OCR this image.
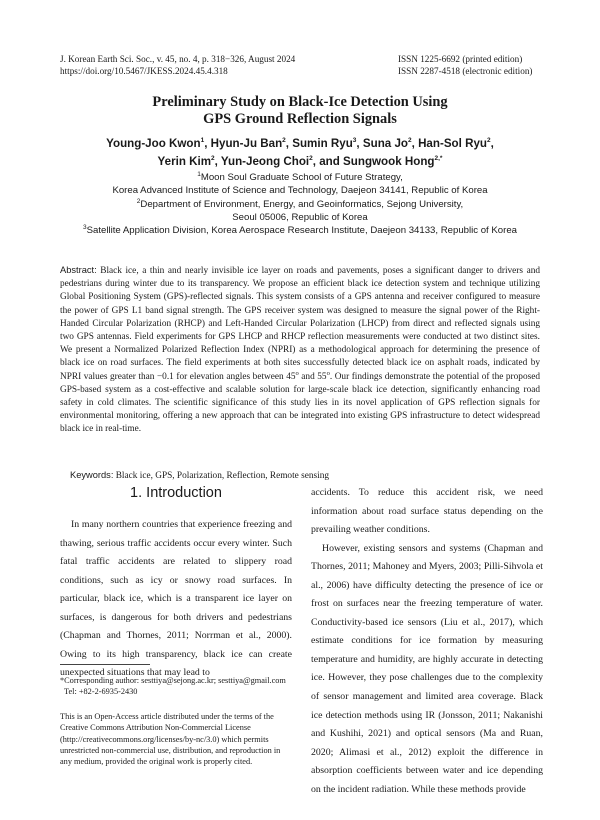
J. Korean Earth Sci. Soc., v. 45, no. 4, p. 318−326, August 2024
https://doi.org/10.5467/JKESS.2024.45.4.318
ISSN 1225-6692 (printed edition)
ISSN 2287-4518 (electronic edition)
Preliminary Study on Black-Ice Detection Using
GPS Ground Reflection Signals
Young-Joo Kwon$^1$, Hyun-Ju Ban$^2$, Sumin Ryu$^3$, Suna Jo$^2$, Han-Sol Ryu$^2$,
Yerin Kim$^2$, Yun-Jeong Choi$^2$, and Sungwook Hong$^{2,*}$
$^1$Moon Soul Graduate School of Future Strategy,
Korea Advanced Institute of Science and Technology, Daejeon 34141, Republic of Korea
$^2$Department of Environment, Energy, and Geoinformatics, Sejong University,
Seoul 05006, Republic of Korea
$^3$Satellite Application Division, Korea Aerospace Research Institute, Daejeon 34133, Republic of Korea
Abstract: Black ice, a thin and nearly invisible ice layer on roads and pavements, poses a significant danger to drivers and pedestrians during winter due to its transparency. We propose an efficient black ice detection system and technique utilizing Global Positioning System (GPS)-reflected signals. This system consists of a GPS antenna and receiver configured to measure the power of GPS L1 band signal strength. The GPS receiver system was designed to measure the signal power of the Right-Handed Circular Polarization (RHCP) and Left-Handed Circular Polarization (LHCP) from direct and reflected signals using two GPS antennas. Field experiments for GPS LHCP and RHCP reflection measurements were conducted at two distinct sites. We present a Normalized Polarized Reflection Index (NPRI) as a methodological approach for determining the presence of black ice on road surfaces. The field experiments at both sites successfully detected black ice on asphalt roads, indicated by NPRI values greater than −0.1 for elevation angles between 45$^o$ and 55$^o$. Our findings demonstrate the potential of the proposed GPS-based system as a cost-effective and scalable solution for large-scale black ice detection, significantly enhancing road safety in cold climates. The scientific significance of this study lies in its novel application of GPS reflection signals for environmental monitoring, offering a new approach that can be integrated into existing GPS infrastructure to detect widespread black ice in real-time.
Keywords: Black ice, GPS, Polarization, Reflection, Remote sensing
1. Introduction

In many northern countries that experience freezing and thawing, serious traffic accidents occur every winter. Such fatal traffic accidents are related to slippery road conditions, such as icy or snowy road surfaces. In particular, black ice, which is a transparent ice layer on surfaces, is dangerous for both drivers and pedestrians (Chapman and Thornes, 2011; Norrman et al., 2000). Owing to its high transparency, black ice can create unexpected situations that may lead to

*Corresponding author: sesttiya@sejong.ac.kr; sesttiya@gmail.com

Tel: +82-2-6935-2430

This is an Open-Access article distributed under the terms of the Creative Commons Attribution Non-Commercial License (http://creativecommons.org/licenses/by-nc/3.0) which permits unrestricted non-commercial use, distribution, and reproduction in any medium, provided the original work is properly cited.

accidents. To reduce this accident risk, we need information about road surface status depending on the prevailing weather conditions.

However, existing sensors and systems (Chapman and Thornes, 2011; Mahoney and Myers, 2003; Pilli-Sihvola et al., 2006) have difficulty detecting the presence of ice or frost on surfaces near the freezing temperature of water. Conductivity-based ice sensors (Liu et al., 2017), which estimate conditions for ice formation by measuring temperature and humidity, are highly accurate in detecting ice. However, they pose challenges due to the complexity of sensor management and limited area coverage. Black ice detection methods using IR (Jonsson, 2011; Nakanishi and Kushihi, 2021) and optical sensors (Ma and Ruan, 2020; Alimasi et al., 2012) exploit the difference in absorption coefficients between water and ice depending on the incident radiation. While these methods provide
